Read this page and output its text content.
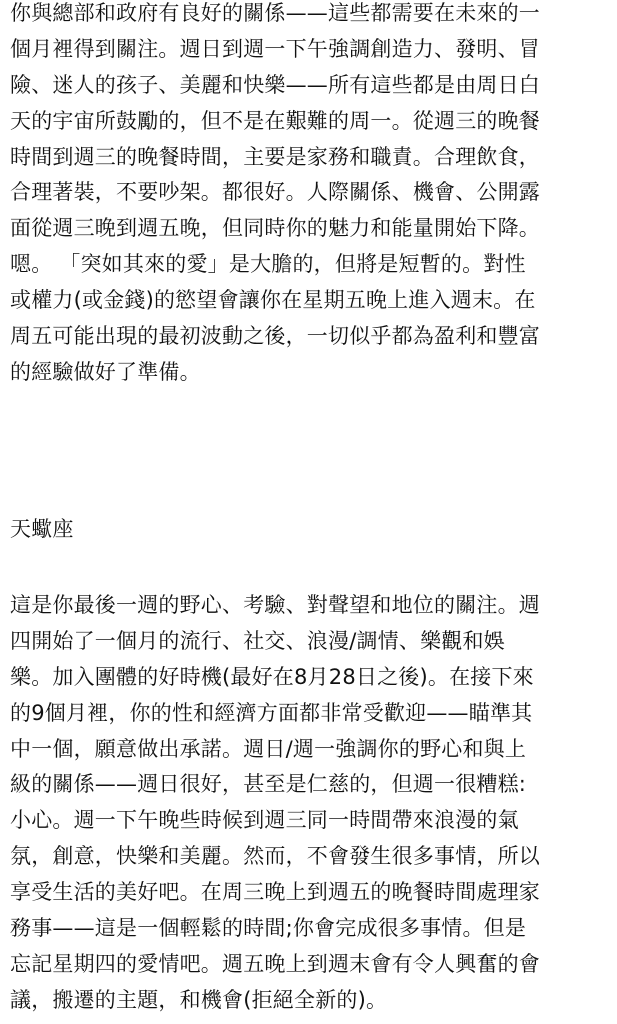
你與總部和政府有良好的關係——這些都需要在未來的一
個月裡得到關注。週日到週一下午強調創造力、發明、冒
險、迷人的孩子、美麗和快樂——所有這些都是由周日白
天的宇宙所鼓勵的，但不是在艱難的周一。從週三的晚餐
時間到週三的晚餐時間，主要是家務和職責。合理飲食，
合理著裝，不要吵架。都很好。人際關係、機會、公開露
面從週三晚到週五晚，但同時你的魅力和能量開始下降。
嗯。 「突如其來的愛」是大膽的，但將是短暫的。對性
或權力(或金錢)的慾望會讓你在星期五晚上進入週末。在
周五可能出現的最初波動之後，一切似乎都為盈利和豐富
的經驗做好了準備。
天蠍座
這是你最後一週的野心、考驗、對聲望和地位的關注。週
四開始了一個月的流行、社交、浪漫/調情、樂觀和娛
樂。加入團體的好時機(最好在8月28日之後)。在接下來
的9個月裡，你的性和經濟方面都非常受歡迎——瞄準其
中一個，願意做出承諾。週日/週一強調你的野心和與上
級的關係——週日很好，甚至是仁慈的，但週一很糟糕:
小心。週一下午晚些時候到週三同一時間帶來浪漫的氣
氛，創意，快樂和美麗。然而，不會發生很多事情，所以
享受生活的美好吧。在周三晚上到週五的晚餐時間處理家
務事——這是一個輕鬆的時間;你會完成很多事情。但是
忘記星期四的愛情吧。週五晚上到週末會有令人興奮的會
議，搬遷的主題，和機會(拒絕全新的)。
